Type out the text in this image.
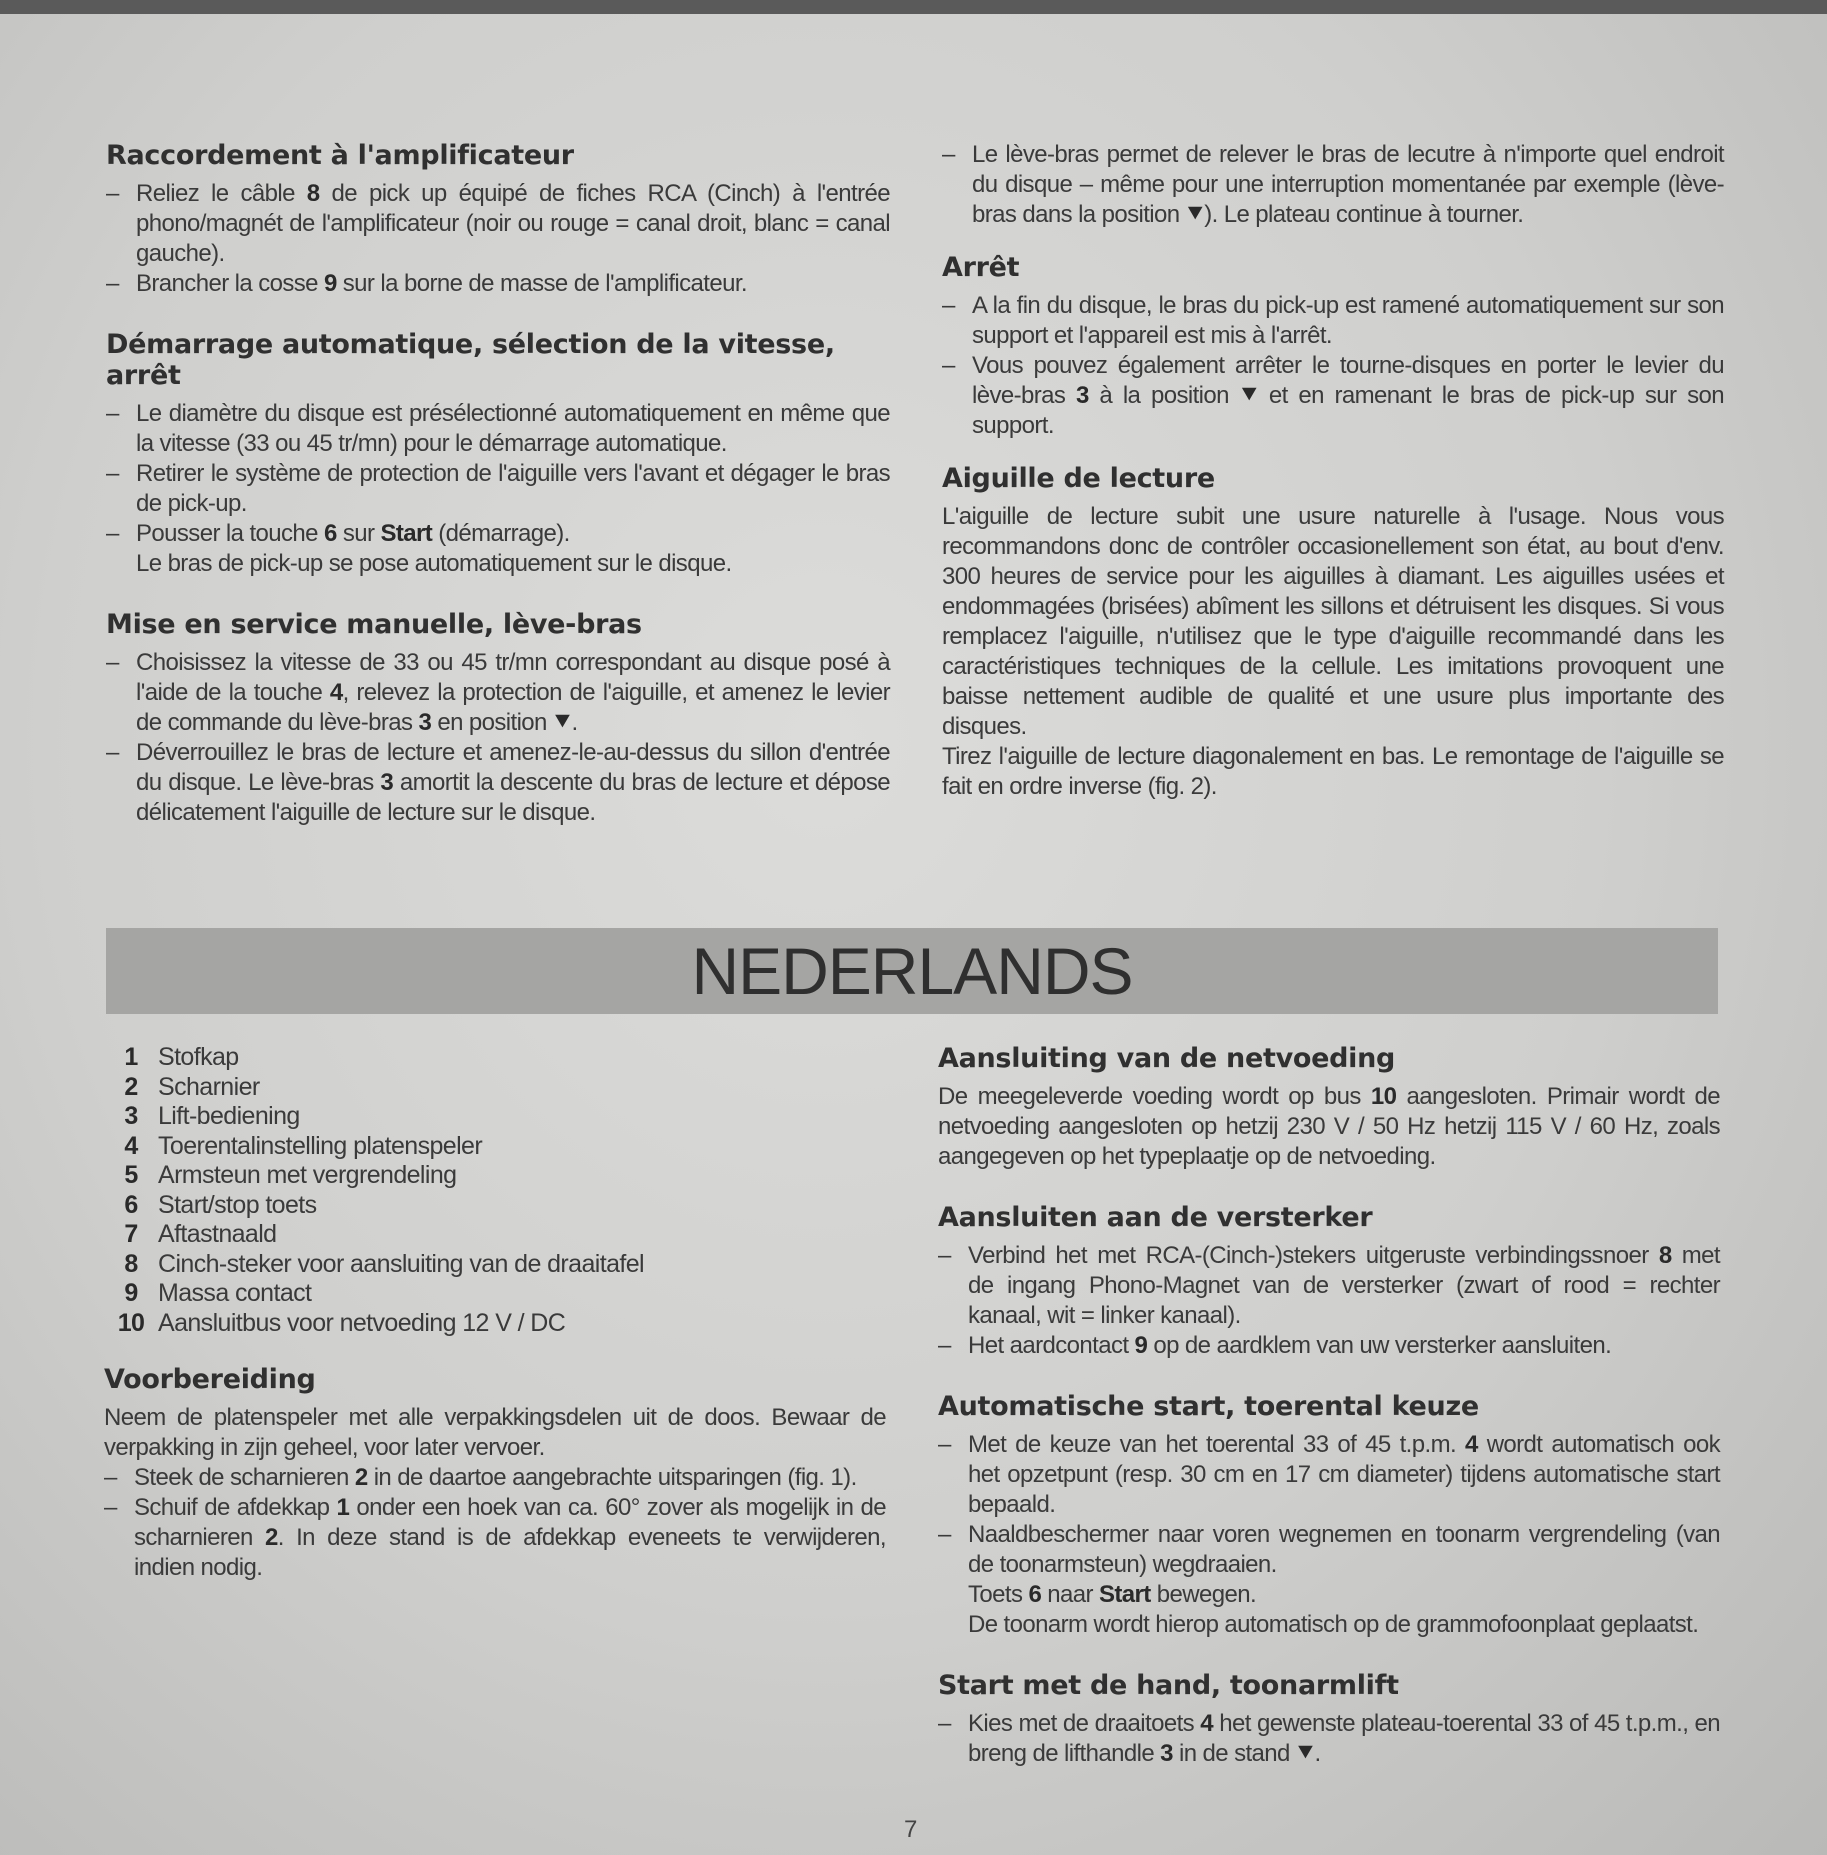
Raccordement à l'amplificateur
– Reliez le câble 8 de pick up équipé de fiches RCA (Cinch) à l'entrée phono/magnét de l'amplificateur (noir ou rouge = canal droit, blanc = canal gauche).
– Brancher la cosse 9 sur la borne de masse de l'amplificateur.
Démarrage automatique, sélection de la vitesse, arrêt
– Le diamètre du disque est présélectionné automatiquement en même que la vitesse (33 ou 45 tr/mn) pour le démarrage automatique.
– Retirer le système de protection de l'aiguille vers l'avant et dégager le bras de pick-up.
– Pousser la touche 6 sur Start (démarrage).
Le bras de pick-up se pose automatiquement sur le disque.
Mise en service manuelle, lève-bras
– Choisissez la vitesse de 33 ou 45 tr/mn correspondant au disque posé à l'aide de la touche 4, relevez la protection de l'aiguille, et amenez le levier de commande du lève-bras 3 en position ⯆.
– Déverrouillez le bras de lecture et amenez-le-au-dessus du sillon d'entrée du disque. Le lève-bras 3 amortit la descente du bras de lecture et dépose délicatement l'aiguille de lecture sur le disque.
– Le lève-bras permet de relever le bras de lecutre à n'importe quel endroit du disque – même pour une interruption momentanée par exemple (lève-bras dans la position ⯆). Le plateau continue à tourner.
Arrêt
– A la fin du disque, le bras du pick-up est ramené automatiquement sur son support et l'appareil est mis à l'arrêt.
– Vous pouvez également arrêter le tourne-disques en porter le levier du lève-bras 3 à la position ⯆ et en ramenant le bras de pick-up sur son support.
Aiguille de lecture

L'aiguille de lecture subit une usure naturelle à l'usage. Nous vous recommandons donc de contrôler occasionellement son état, au bout d'env. 300 heures de service pour les aiguilles à diamant. Les aiguilles usées et endommagées (brisées) abîment les sillons et détruisent les disques. Si vous remplacez l'aiguille, n'utilisez que le type d'aiguille recommandé dans les caractéristiques techniques de la cellule. Les imitations provoquent une baisse nettement audible de qualité et une usure plus importante des disques.

Tirez l'aiguille de lecture diagonalement en bas. Le remontage de l'aiguille se fait en ordre inverse (fig. 2).

NEDERLANDS
1 Stofkap
2 Scharnier
3 Lift-bediening
4 Toerentalinstelling platenspeler
5 Armsteun met vergrendeling
6 Start/stop toets
7 Aftastnaald
8 Cinch-steker voor aansluiting van de draaitafel
9 Massa contact
10 Aansluitbus voor netvoeding 12 V / DC
Voorbereiding

Neem de platenspeler met alle verpakkingsdelen uit de doos. Bewaar de verpakking in zijn geheel, voor later vervoer.

– Steek de scharnieren 2 in de daartoe aangebrachte uitsparingen (fig. 1).
– Schuif de afdekkap 1 onder een hoek van ca. 60° zover als mogelijk in de scharnieren 2. In deze stand is de afdekkap eveneets te verwijderen, indien nodig.
Aansluiting van de netvoeding

De meegeleverde voeding wordt op bus 10 aangesloten. Primair wordt de netvoeding aangesloten op hetzij 230 V / 50 Hz hetzij 115 V / 60 Hz, zoals aangegeven op het typeplaatje op de netvoeding.

Aansluiten aan de versterker
– Verbind het met RCA-(Cinch-)stekers uitgeruste verbindingssnoer 8 met de ingang Phono-Magnet van de versterker (zwart of rood = rechter kanaal, wit = linker kanaal).
– Het aardcontact 9 op de aardklem van uw versterker aansluiten.
Automatische start, toerental keuze
– Met de keuze van het toerental 33 of 45 t.p.m. 4 wordt automatisch ook het opzetpunt (resp. 30 cm en 17 cm diameter) tijdens automatische start bepaald.
– Naaldbeschermer naar voren wegnemen en toonarm vergrendeling (van de toonarmsteun) wegdraaien.
Toets 6 naar Start bewegen.
De toonarm wordt hierop automatisch op de grammofoonplaat geplaatst.
Start met de hand, toonarmlift
– Kies met de draaitoets 4 het gewenste plateau-toerental 33 of 45 t.p.m., en breng de lifthandle 3 in de stand ⯆.
7
